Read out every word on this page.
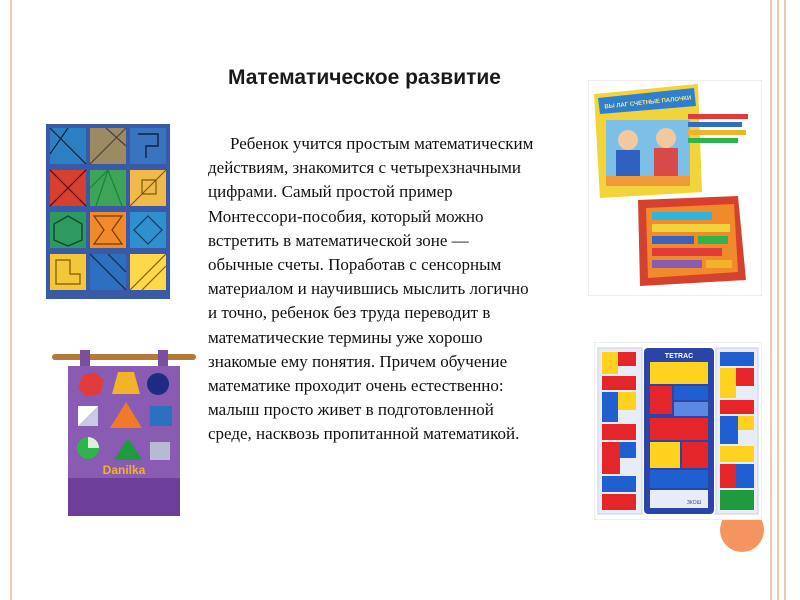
Математическое развитие
Ребенок учится простым математическим
действиям, знакомится с четырехзначными
цифрами. Самый простой пример
Монтессори-пособия, который можно
встретить в математической зоне —
обычные счеты. Поработав с сенсорным
материалом и научившись мыслить логично
и точно, ребенок без труда переводит в
математические термины уже хорошо
знакомые ему понятия. Причем обучение
математике проходит очень естественно:
малыш просто живет в подготовленной
среде, насквозь пропитанной математикой.
Danilka
ВЫ ЛАГ СЧЕТНЫЕ ПАЛОЧКИ
TETRAC
ЗКОШ
